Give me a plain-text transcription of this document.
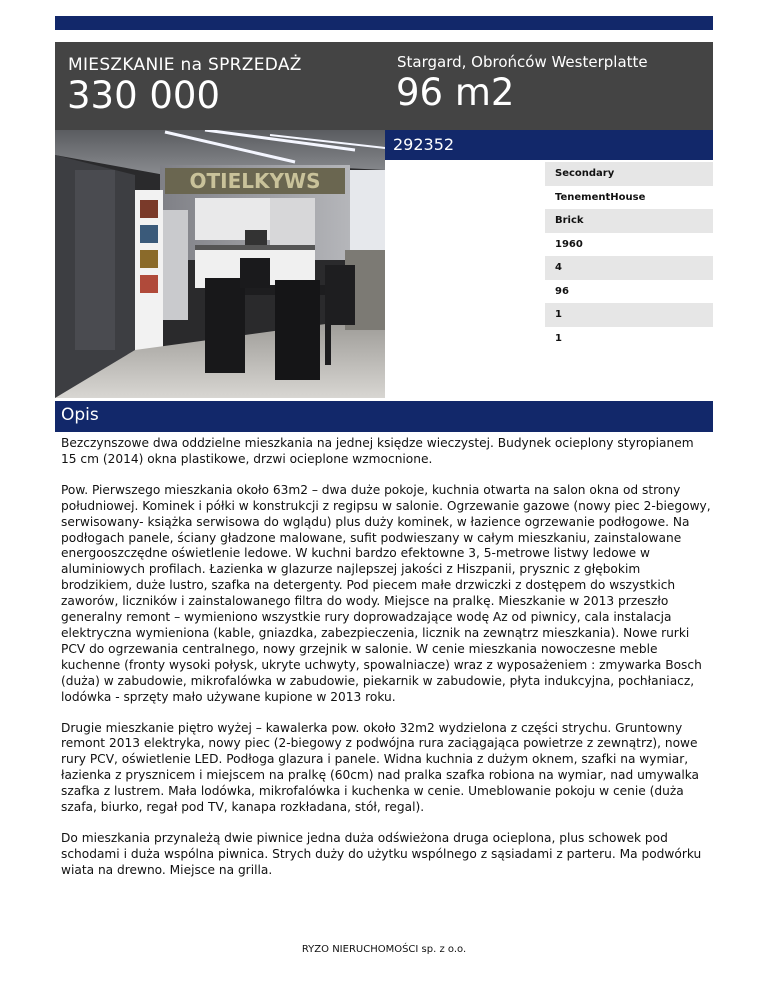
MIESZKANIE na SPRZEDAŻ
330 000
Stargard, Obrońców Westerplatte
96 m2
OTIELKYWS
292352
Secondary
TenementHouse
Brick
1960
4
96
1
1
Opis

Bezczynszowe dwa oddzielne mieszkania na jednej księdze wieczystej. Budynek ocieplony styropianem 15 cm (2014) okna plastikowe, drzwi ocieplone wzmocnione.

Pow. Pierwszego mieszkania około 63m2 – dwa duże pokoje, kuchnia otwarta na salon okna od strony południowej. Kominek i półki w konstrukcji z regipsu w salonie. Ogrzewanie gazowe (nowy piec 2-biegowy, serwisowany- książka serwisowa do wglądu) plus duży kominek, w łazience ogrzewanie podłogowe. Na podłogach panele, ściany gładzone malowane, sufit podwieszany w całym mieszkaniu, zainstalowane energooszczędne oświetlenie ledowe. W kuchni bardzo efektowne 3, 5-metrowe listwy ledowe w aluminiowych profilach. Łazienka w glazurze najlepszej jakości z Hiszpanii, prysznic z głębokim brodzikiem, duże lustro, szafka na detergenty. Pod piecem małe drzwiczki z dostępem do wszystkich zaworów, liczników i zainstalowanego filtra do wody. Miejsce na pralkę. Mieszkanie w 2013 przeszło generalny remont – wymieniono wszystkie rury doprowadzające wodę Az od piwnicy, cala instalacja elektryczna wymieniona (kable, gniazdka, zabezpieczenia, licznik na zewnątrz mieszkania). Nowe rurki PCV do ogrzewania centralnego, nowy grzejnik w salonie. W cenie mieszkania nowoczesne meble kuchenne (fronty wysoki połysk, ukryte uchwyty, spowalniacze) wraz z wyposażeniem : zmywarka Bosch (duża) w zabudowie, mikrofalówka w zabudowie, piekarnik w zabudowie, płyta indukcyjna, pochłaniacz, lodówka - sprzęty mało używane kupione w 2013 roku.

Drugie mieszkanie piętro wyżej – kawalerka pow. około 32m2 wydzielona z części strychu. Gruntowny remont 2013 elektryka, nowy piec (2-biegowy z podwójna rura zaciągająca powietrze z zewnątrz), nowe rury PCV, oświetlenie LED. Podłoga glazura i panele. Widna kuchnia z dużym oknem, szafki na wymiar, łazienka z prysznicem i miejscem na pralkę (60cm) nad pralka szafka robiona na wymiar, nad umywalka szafka z lustrem. Mała lodówka, mikrofalówka i kuchenka w cenie. Umeblowanie pokoju w cenie (duża szafa, biurko, regał pod TV, kanapa rozkładana, stół, regal).

Do mieszkania przynależą dwie piwnice jedna duża odświeżona druga ocieplona, plus schowek pod schodami i duża wspólna piwnica. Strych duży do użytku wspólnego z sąsiadami z parteru. Ma podwórku wiata na drewno. Miejsce na grilla.

RYZO NIERUCHOMOŚCI sp. z o.o.
